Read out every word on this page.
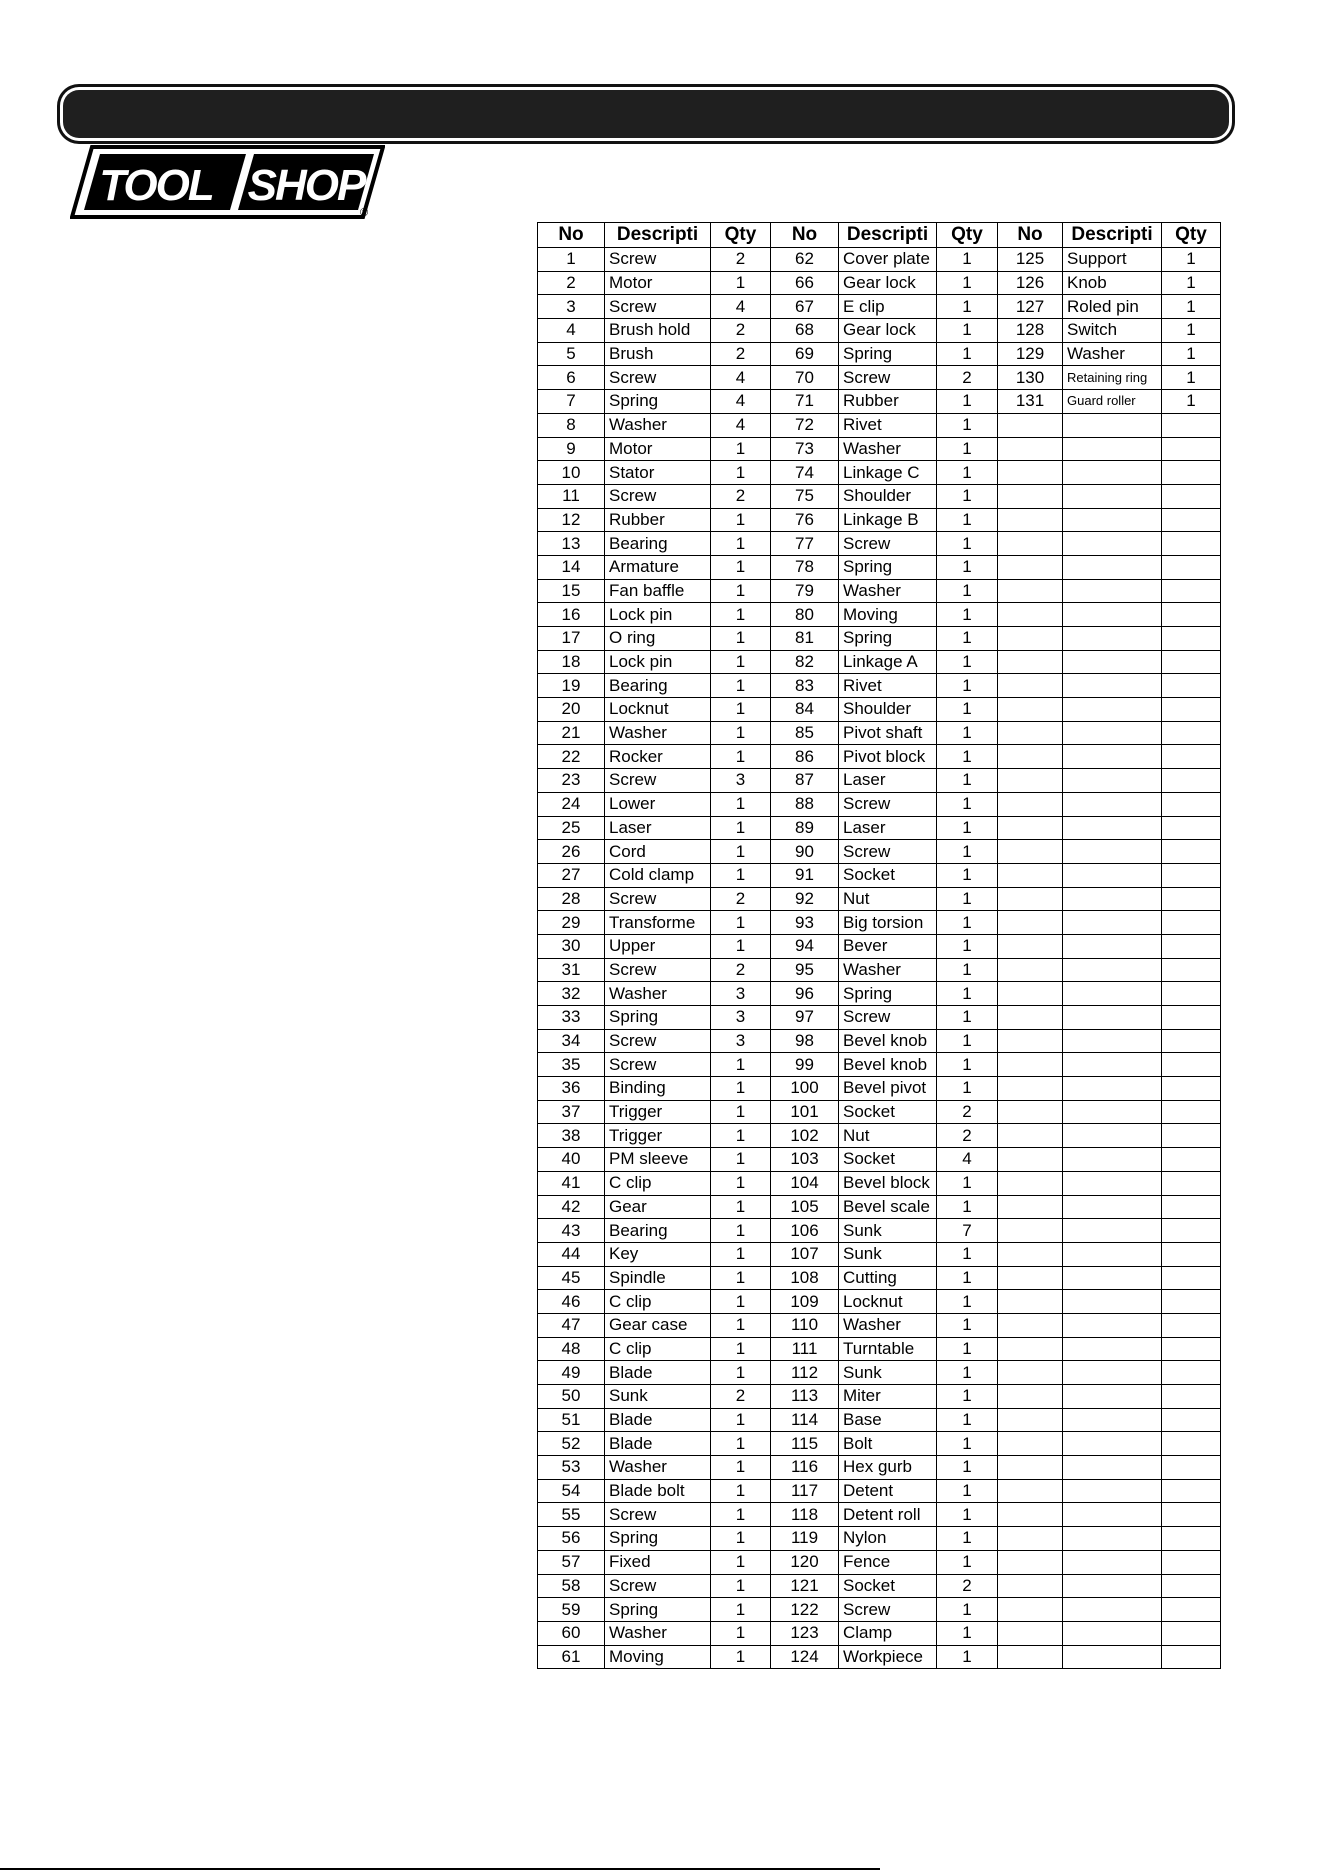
TOOL SHOP
®
No	Descripti	Qty	No	Descripti	Qty	No	Descripti	Qty
1	Screw	2	62	Cover plate	1	125	Support	1
2	Motor	1	66	Gear lock	1	126	Knob	1
3	Screw	4	67	E clip	1	127	Roled pin	1
4	Brush hold	2	68	Gear lock	1	128	Switch	1
5	Brush	2	69	Spring	1	129	Washer	1
6	Screw	4	70	Screw	2	130	Retaining ring	1
7	Spring	4	71	Rubber	1	131	Guard roller	1
8	Washer	4	72	Rivet	1			
9	Motor	1	73	Washer	1			
10	Stator	1	74	Linkage C	1			
11	Screw	2	75	Shoulder	1			
12	Rubber	1	76	Linkage B	1			
13	Bearing	1	77	Screw	1			
14	Armature	1	78	Spring	1			
15	Fan baffle	1	79	Washer	1			
16	Lock pin	1	80	Moving	1			
17	O ring	1	81	Spring	1			
18	Lock pin	1	82	Linkage A	1			
19	Bearing	1	83	Rivet	1			
20	Locknut	1	84	Shoulder	1			
21	Washer	1	85	Pivot shaft	1			
22	Rocker	1	86	Pivot block	1			
23	Screw	3	87	Laser	1			
24	Lower	1	88	Screw	1			
25	Laser	1	89	Laser	1			
26	Cord	1	90	Screw	1			
27	Cold clamp	1	91	Socket	1			
28	Screw	2	92	Nut	1			
29	Transforme	1	93	Big torsion	1			
30	Upper	1	94	Bever	1			
31	Screw	2	95	Washer	1			
32	Washer	3	96	Spring	1			
33	Spring	3	97	Screw	1			
34	Screw	3	98	Bevel knob	1			
35	Screw	1	99	Bevel knob	1			
36	Binding	1	100	Bevel pivot	1			
37	Trigger	1	101	Socket	2			
38	Trigger	1	102	Nut	2			
40	PM sleeve	1	103	Socket	4			
41	C clip	1	104	Bevel block	1			
42	Gear	1	105	Bevel scale	1			
43	Bearing	1	106	Sunk	7			
44	Key	1	107	Sunk	1			
45	Spindle	1	108	Cutting	1			
46	C clip	1	109	Locknut	1			
47	Gear case	1	110	Washer	1			
48	C clip	1	111	Turntable	1			
49	Blade	1	112	Sunk	1			
50	Sunk	2	113	Miter	1			
51	Blade	1	114	Base	1			
52	Blade	1	115	Bolt	1			
53	Washer	1	116	Hex gurb	1			
54	Blade bolt	1	117	Detent	1			
55	Screw	1	118	Detent roll	1			
56	Spring	1	119	Nylon	1			
57	Fixed	1	120	Fence	1			
58	Screw	1	121	Socket	2			
59	Spring	1	122	Screw	1			
60	Washer	1	123	Clamp	1			
61	Moving	1	124	Workpiece	1			
